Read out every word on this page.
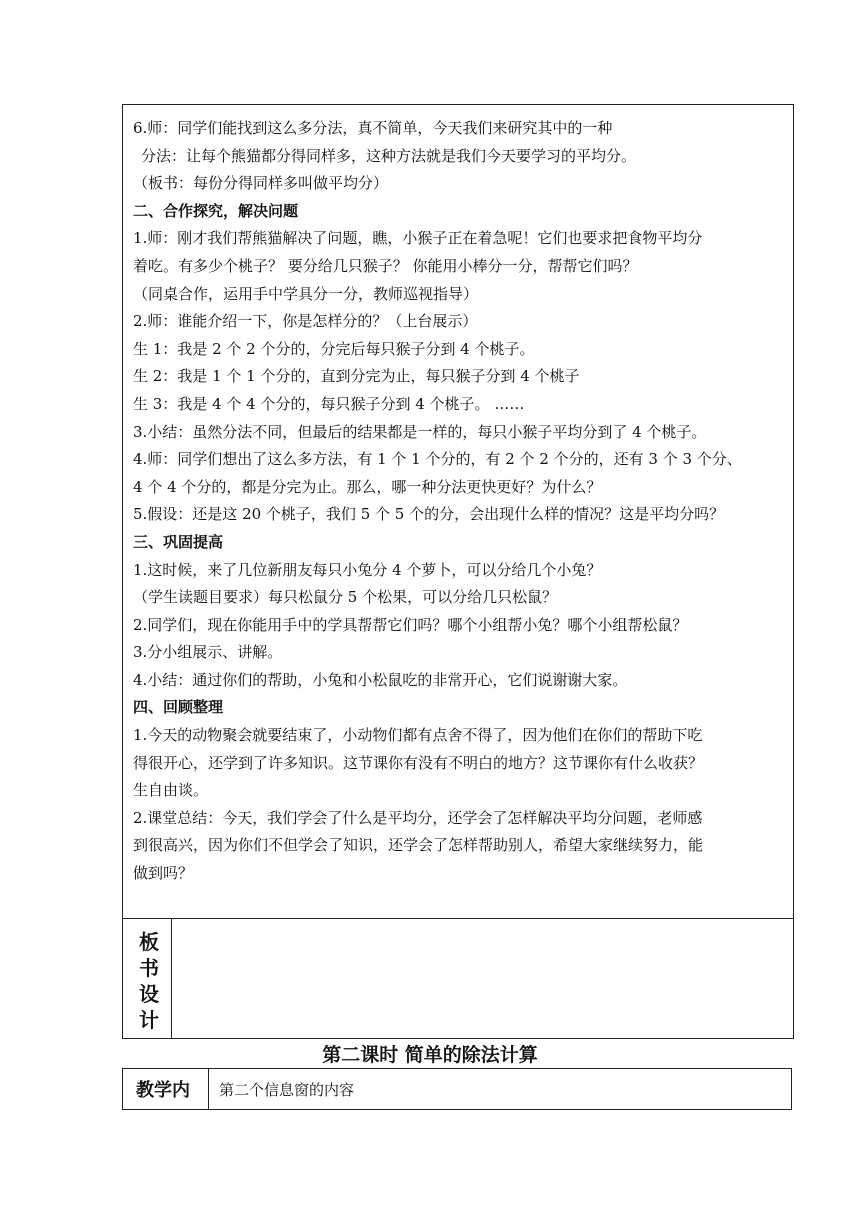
6.师：同学们能找到这么多分法，真不简单，今天我们来研究其中的一种
分法：让每个熊猫都分得同样多，这种方法就是我们今天要学习的平均分。
（板书：每份分得同样多叫做平均分）
二、合作探究，解决问题
1.师：刚才我们帮熊猫解决了问题，瞧，小猴子正在着急呢！它们也要求把食物平均分
着吃。有多少个桃子？ 要分给几只猴子？ 你能用小棒分一分，帮帮它们吗？
（同桌合作，运用手中学具分一分，教师巡视指导）
2.师：谁能介绍一下，你是怎样分的？（上台展示）
生 1：我是 2 个 2 个分的，分完后每只猴子分到 4 个桃子。
生 2：我是 1 个 1 个分的，直到分完为止，每只猴子分到 4 个桃子
生 3：我是 4 个 4 个分的，每只猴子分到 4 个桃子。 ……
3.小结：虽然分法不同，但最后的结果都是一样的，每只小猴子平均分到了 4 个桃子。
4.师：同学们想出了这么多方法，有 1 个 1 个分的，有 2 个 2 个分的，还有 3 个 3 个分、
4 个 4 个分的，都是分完为止。那么，哪一种分法更快更好？为什么？
5.假设：还是这 20 个桃子，我们 5 个 5 个的分，会出现什么样的情况？这是平均分吗？
三、巩固提高
1.这时候，来了几位新朋友每只小兔分 4 个萝卜，可以分给几个小兔？
（学生读题目要求）每只松鼠分 5 个松果，可以分给几只松鼠？
2.同学们，现在你能用手中的学具帮帮它们吗？哪个小组帮小兔？哪个小组帮松鼠？
3.分小组展示、讲解。
4.小结：通过你们的帮助，小兔和小松鼠吃的非常开心，它们说谢谢大家。
四、回顾整理
1.今天的动物聚会就要结束了，小动物们都有点舍不得了，因为他们在你们的帮助下吃
得很开心，还学到了许多知识。这节课你有没有不明白的地方？这节课你有什么收获？
生自由谈。
2.课堂总结：今天，我们学会了什么是平均分，还学会了怎样解决平均分问题，老师感
到很高兴，因为你们不但学会了知识，还学会了怎样帮助别人，希望大家继续努力，能
做到吗？
板
书
设
计
第二课时 简单的除法计算
教学内 第二个信息窗的内容
